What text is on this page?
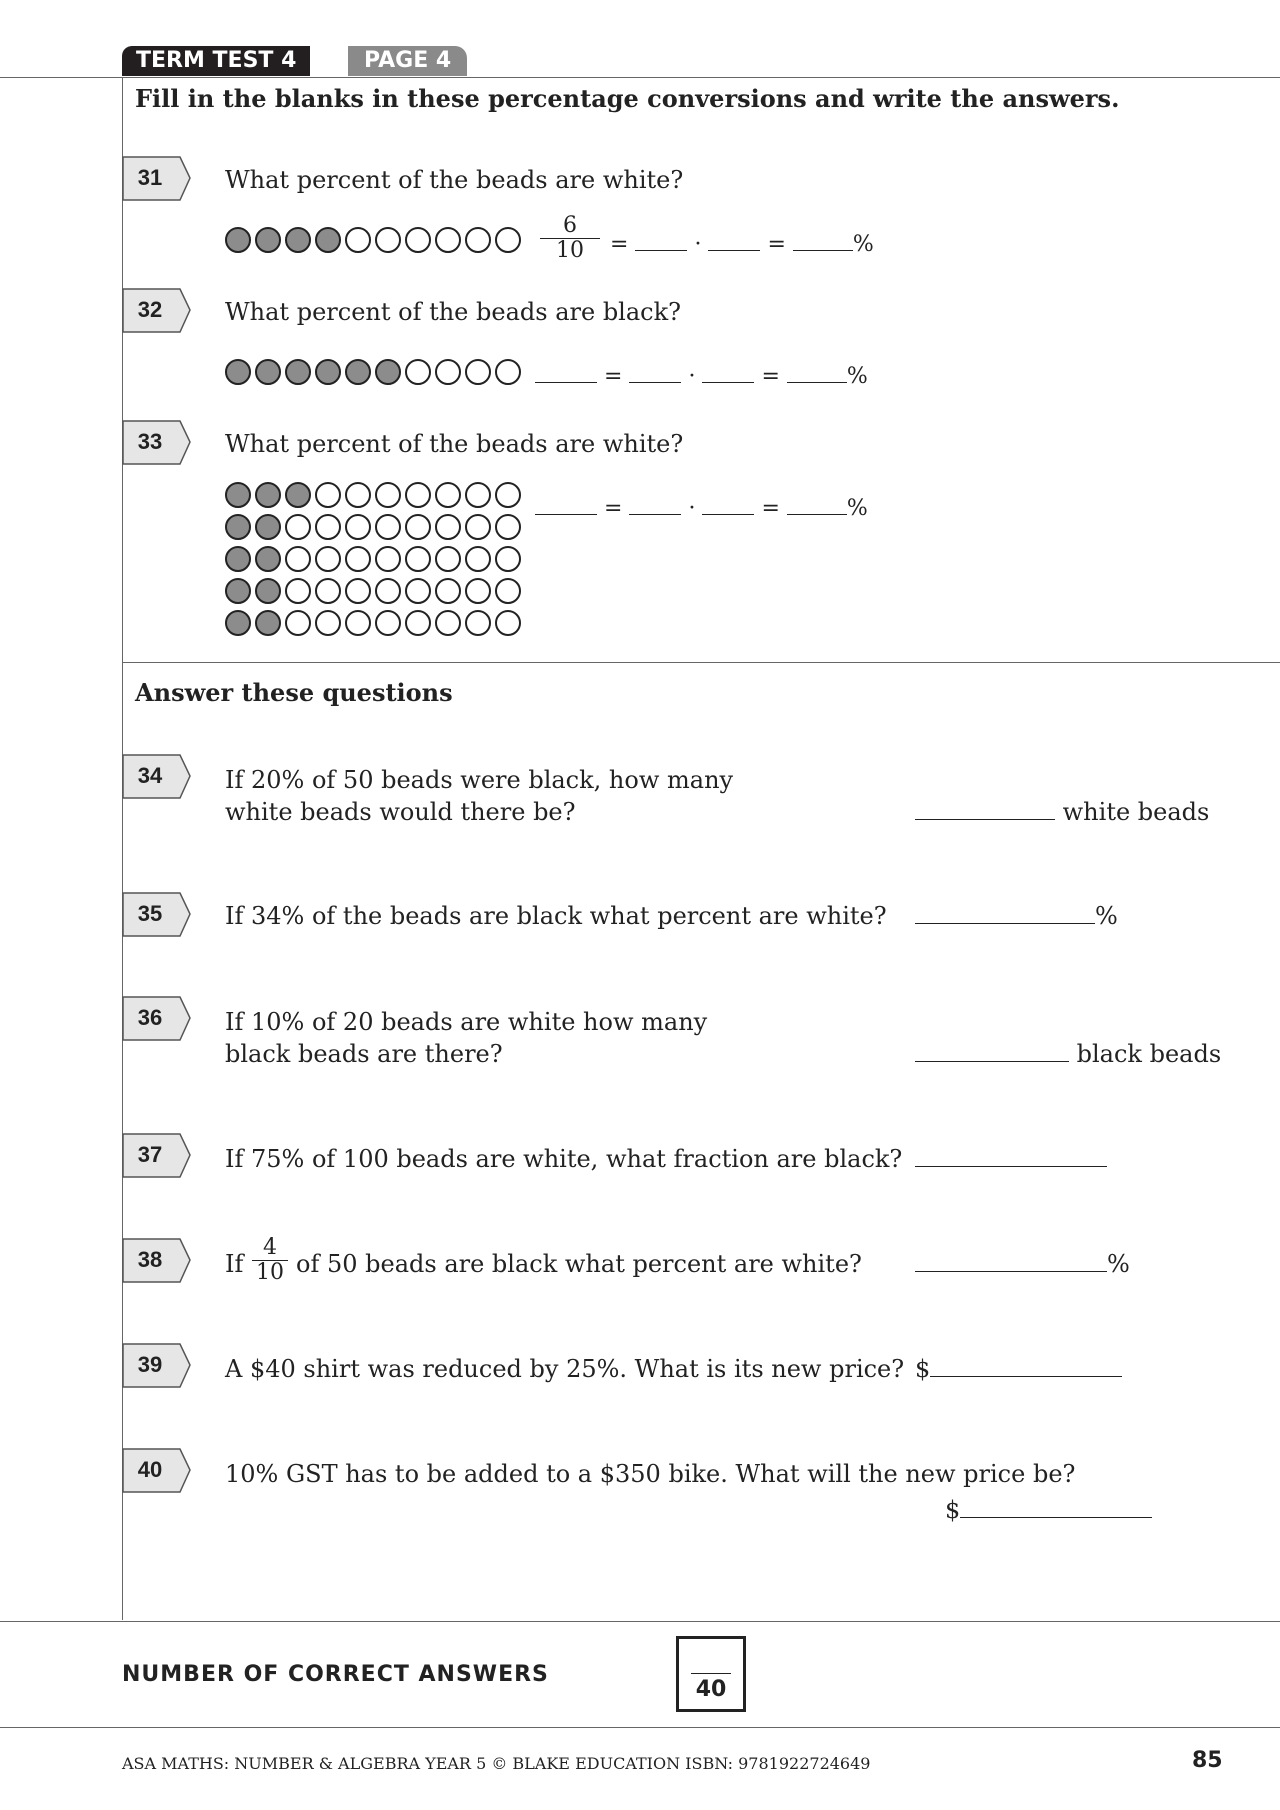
TERM TEST 4	PAGE 4
Fill in the blanks in these percentage conversions and write the answers.
31	What percent of the beads are white?
6
10	=	·	=	%
32	What percent of the beads are black?
=	·	=	%
33	What percent of the beads are white?
=	·	=	%
Answer these questions
34	If 20% of 50 beads were black, how many
white beads would there be?	white beads
35	If 34% of the beads are black what percent are white?	%
36	If 10% of 20 beads are white how many
black beads are there?	black beads
37	If 75% of 100 beads are white, what fraction are black?
38	If
4
10 of 50 beads are black what percent are white?	%
39	A $40 shirt was reduced by 25%. What is its new price? $
40	10% GST has to be added to a $350 bike. What will the new price be?
$
NUMBER OF CORRECT ANSWERS
40
ASA MATHS: NUMBER & ALGEBRA YEAR 5 © BLAKE EDUCATION ISBN: 9781922724649	85
